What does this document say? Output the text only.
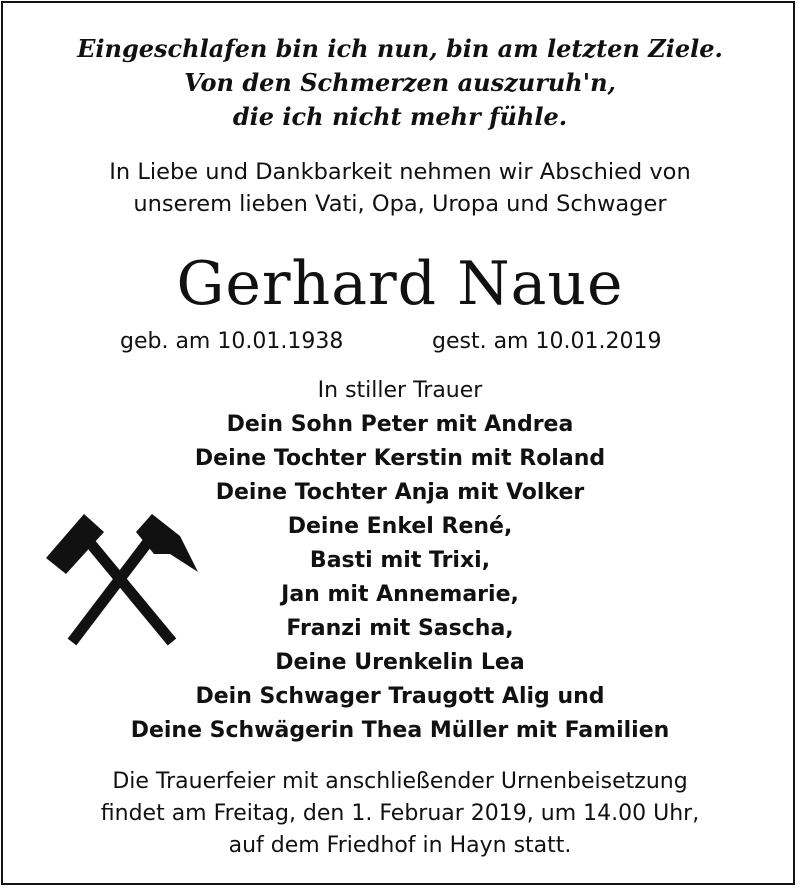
Eingeschlafen bin ich nun, bin am letzten Ziele.
Von den Schmerzen auszuruh'n,
die ich nicht mehr fühle.
In Liebe und Dankbarkeit nehmen wir Abschied von
unserem lieben Vati, Opa, Uropa und Schwager
Gerhard Naue
geb. am 10.01.1938	gest. am 10.01.2019
In stiller Trauer
Dein Sohn Peter mit Andrea
Deine Tochter Kerstin mit Roland
Deine Tochter Anja mit Volker
Deine Enkel René,
Basti mit Trixi,
Jan mit Annemarie,
Franzi mit Sascha,
Deine Urenkelin Lea
Dein Schwager Traugott Alig und
Deine Schwägerin Thea Müller mit Familien
Die Trauerfeier mit anschließender Urnenbeisetzung
findet am Freitag, den 1. Februar 2019, um 14.00 Uhr,
auf dem Friedhof in Hayn statt.
